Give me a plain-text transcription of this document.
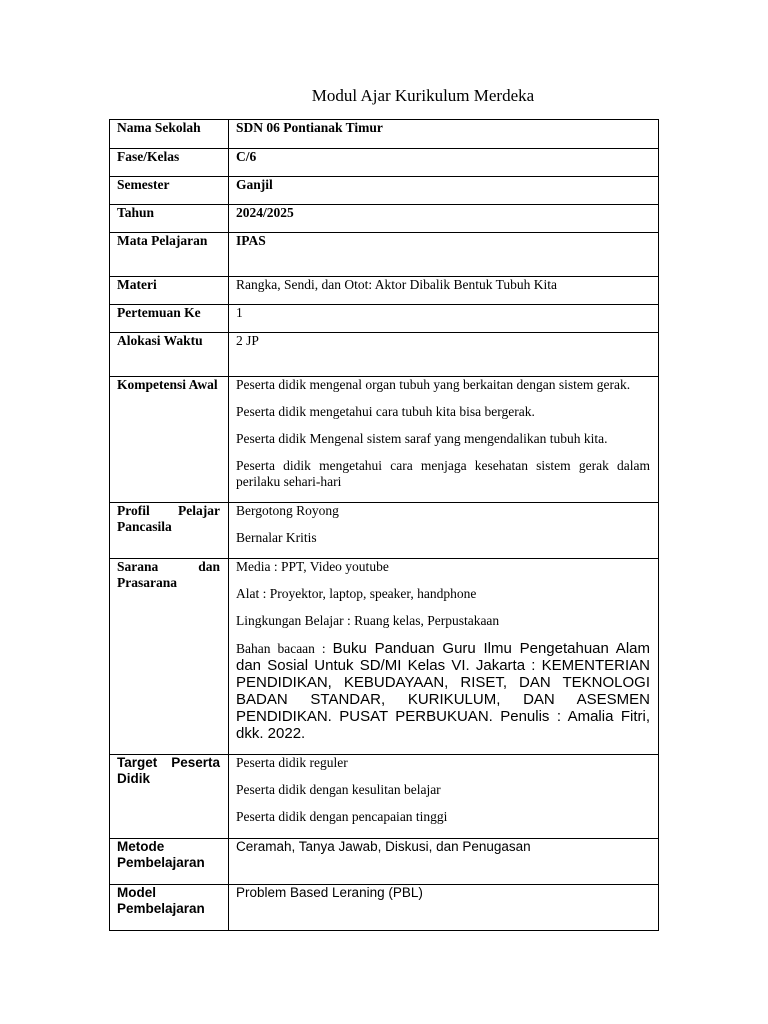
Modul Ajar Kurikulum Merdeka
Nama Sekolah	SDN 06 Pontianak Timur
Fase/Kelas	C/6
Semester	Ganjil
Tahun	2024/2025
Mata Pelajaran	IPAS
Materi	Rangka, Sendi, dan Otot: Aktor Dibalik Bentuk Tubuh Kita
Pertemuan Ke	1
Alokasi Waktu	2 JP
Kompetensi Awal	Peserta didik mengenal organ tubuh yang berkaitan dengan sistem gerak.

Peserta didik mengetahui cara tubuh kita bisa bergerak.

Peserta didik Mengenal sistem saraf yang mengendalikan tubuh kita.

Peserta didik mengetahui cara menjaga kesehatan sistem gerak dalam perilaku sehari-hari

Profil Pelajar Pancasila	Bergotong Royong

Bernalar Kritis

Sarana dan Prasarana	Media : PPT, Video youtube

Alat : Proyektor, laptop, speaker, handphone

Lingkungan Belajar : Ruang kelas, Perpustakaan

Bahan bacaan : Buku Panduan Guru Ilmu Pengetahuan Alam dan Sosial Untuk SD/MI Kelas VI. Jakarta : KEMENTERIAN PENDIDIKAN, KEBUDAYAAN, RISET, DAN TEKNOLOGI BADAN STANDAR, KURIKULUM, DAN ASESMEN PENDIDIKAN. PUSAT PERBUKUAN. Penulis : Amalia Fitri, dkk. 2022.

Target Peserta Didik	Peserta didik reguler

Peserta didik dengan kesulitan belajar

Peserta didik dengan pencapaian tinggi

Metode Pembelajaran	Ceramah, Tanya Jawab, Diskusi, dan Penugasan
Model Pembelajaran	Problem Based Leraning (PBL)
